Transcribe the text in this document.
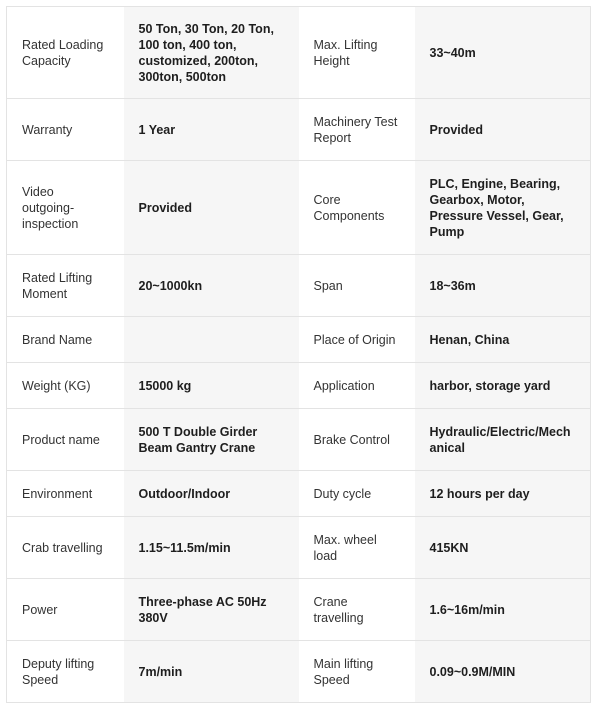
Rated Loading Capacity	50 Ton, 30 Ton, 20 Ton, 100 ton, 400 ton, customized, 200ton, 300ton, 500ton	Max. Lifting Height	33~40m
Warranty	1 Year	Machinery Test Report	Provided
Video outgoing-inspection	Provided	Core Components	PLC, Engine, Bearing, Gearbox, Motor, Pressure Vessel, Gear, Pump
Rated Lifting Moment	20~1000kn	Span	18~36m
Brand Name		Place of Origin	Henan, China
Weight (KG)	15000 kg	Application	harbor, storage yard
Product name	500 T Double Girder Beam Gantry Crane	Brake Control	Hydraulic/Electric/Mechanical
Environment	Outdoor/Indoor	Duty cycle	12 hours per day
Crab travelling	1.15~11.5m/min	Max. wheel load	415KN
Power	Three-phase AC 50Hz 380V	Crane travelling	1.6~16m/min
Deputy lifting Speed	7m/min	Main lifting Speed	0.09~0.9M/MIN
